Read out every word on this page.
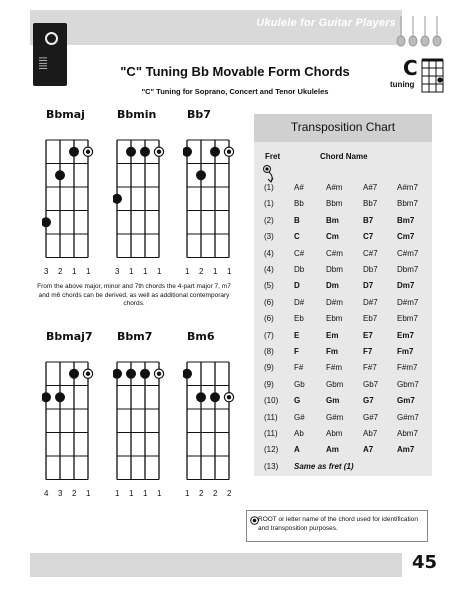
Ukulele for Guitar Players
|||||
"C" Tuning Bb Movable Form Chords
"C" Tuning for Soprano, Concert and Tenor Ukuleles
C
tuning
Bbmaj
3 2 1 1
Bbmin
3 1 1 1
Bb7
1 2 1 1
Bbmaj7
4 3 2 1
Bbm7
1 1 1 1
Bm6
1 2 2 2
From the above major, minor and 7th chords the 4-part major 7, m7 and m6 chords can be derived, as well as additional contemporary chords.
Transposition Chart
Fret	Chord Name
(1)	A#	A#m	A#7 A#m7
(1)	Bb	Bbm	Bb7 Bbm7
(2)	B	Bm	B7	Bm7
(3)	C	Cm	C7	Cm7
(4)	C#	C#m	C#7 C#m7
(4)	Db	Dbm	Db7 Dbm7
(5)	D	Dm	D7	Dm7
(6)	D#	D#m	D#7 D#m7
(6)	Eb	Ebm	Eb7 Ebm7
(7)	E	Em	E7	Em7
(8)	F	Fm	F7	Fm7
(9)	F#	F#m	F#7	F#m7
(9)	Gb	Gbm Gb7 Gbm7
(10) G	Gm	G7	Gm7
(11) G#	G#m G#7 G#m7
(11) Ab	Abm	Ab7 Abm7
(12) A	Am	A7	Am7
(13) Same as fret (1)
ROOT or letter name of the chord used for identification and transposition purposes.
45
